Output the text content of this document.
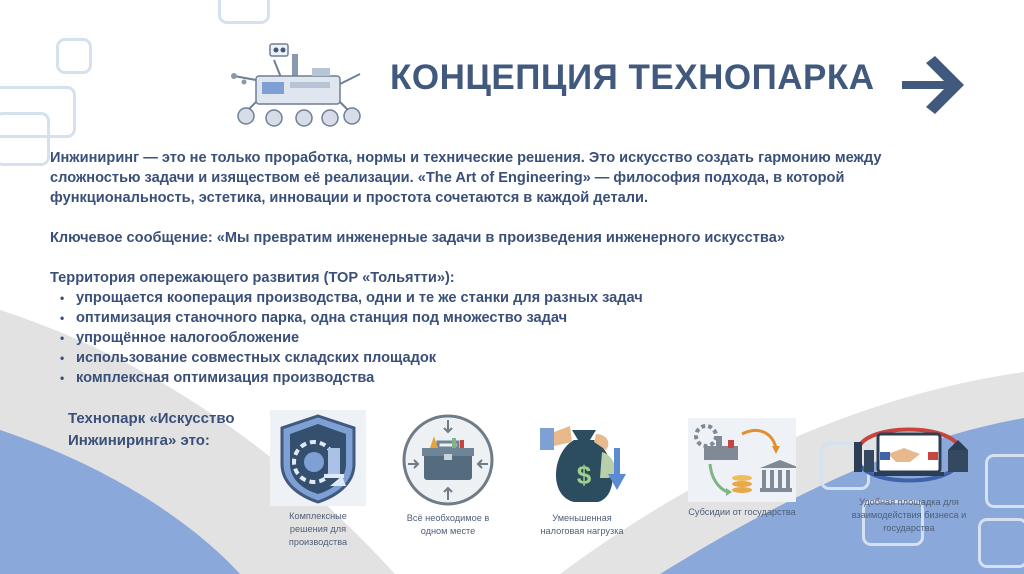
КОНЦЕПЦИЯ ТЕХНОПАРКА

Инжиниринг — это не только проработка, нормы и технические решения. Это искусство создать гармонию между сложностью задачи и изяществом её реализации. «The Art of Engineering» — философия подхода, в которой функциональность, эстетика, инновации и простота сочетаются в каждой детали.

Ключевое сообщение: «Мы превратим инженерные задачи в произведения инженерного искусства»

Территория опережающего развития (ТОР «Тольятти»):

• упрощается кооперация производства, одни и те же станки для разных задач
• оптимизация станочного парка, одна станция под множество задач
• упрощённое налогообложение
• использование совместных складских площадок
• комплексная оптимизация производства

Технопарк «Искусство Инжиниринга» это:

Комплексные решения для производства
Всё необходимое в одном месте
$
Уменьшенная налоговая нагрузка
Субсидии от государства
Удобная площадка для взаимодействия бизнеса и государства
